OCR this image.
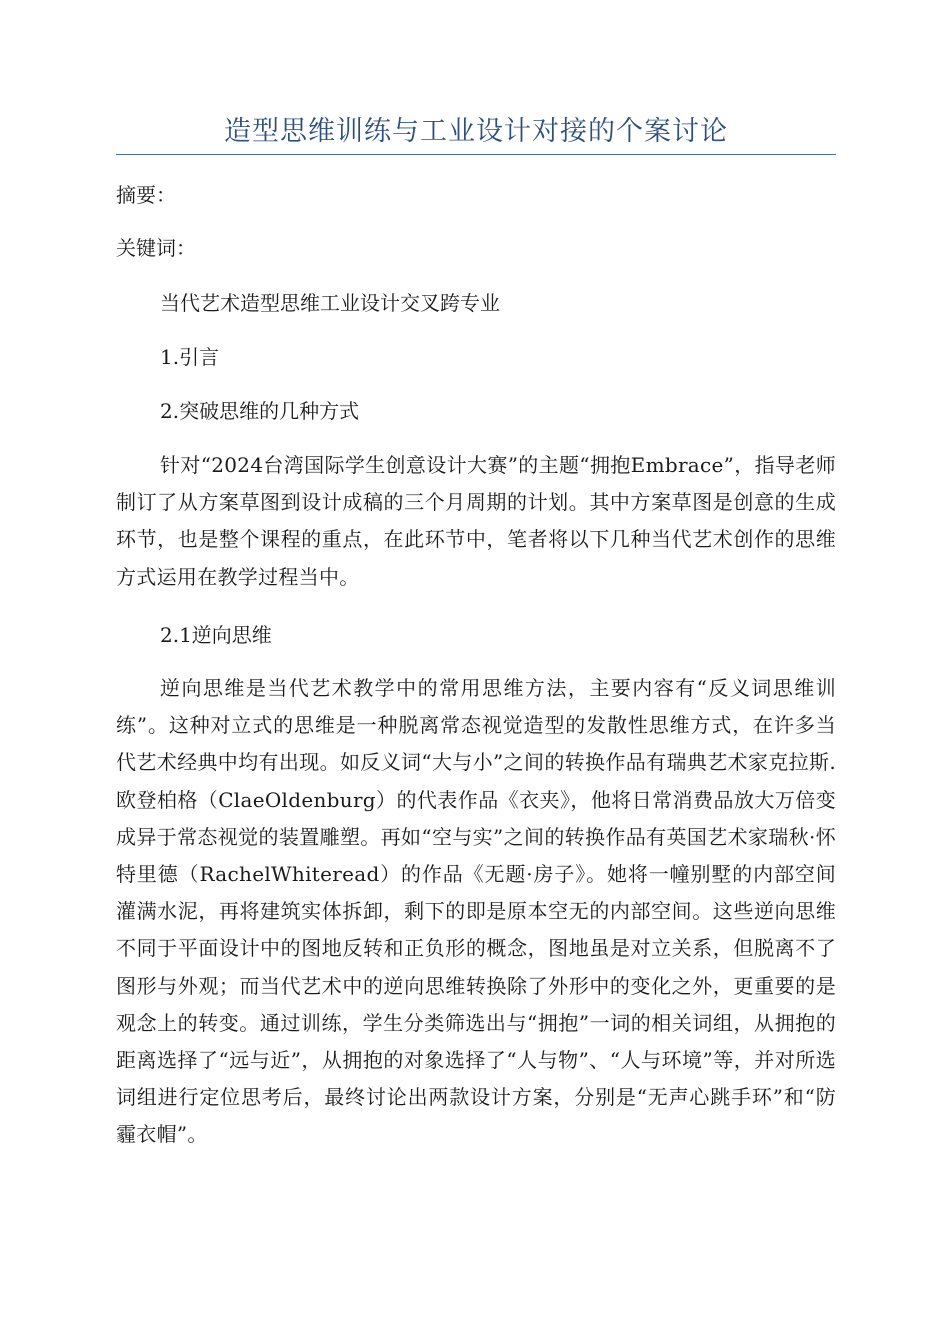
造型思维训练与工业设计对接的个案讨论

摘要：

关键词：

当代艺术造型思维工业设计交叉跨专业

1.引言

2.突破思维的几种方式

针对“2024台湾国际学生创意设计大赛”的主题“拥抱Embrace”，指导老师制订了从方案草图到设计成稿的三个月周期的计划。其中方案草图是创意的生成环节，也是整个课程的重点，在此环节中，笔者将以下几种当代艺术创作的思维方式运用在教学过程当中。

2.1逆向思维

逆向思维是当代艺术教学中的常用思维方法，主要内容有“反义词思维训练”。这种对立式的思维是一种脱离常态视觉造型的发散性思维方式，在许多当代艺术经典中均有出现。如反义词“大与小”之间的转换作品有瑞典艺术家克拉斯.欧登柏格（ClaeOldenburg）的代表作品《衣夹》，他将日常消费品放大万倍变成异于常态视觉的装置雕塑。再如“空与实”之间的转换作品有英国艺术家瑞秋·怀特里德（RachelWhiteread）的作品《无题·房子》。她将一幢别墅的内部空间灌满水泥，再将建筑实体拆卸，剩下的即是原本空无的内部空间。这些逆向思维不同于平面设计中的图地反转和正负形的概念，图地虽是对立关系，但脱离不了图形与外观；而当代艺术中的逆向思维转换除了外形中的变化之外，更重要的是观念上的转变。通过训练，学生分类筛选出与“拥抱”一词的相关词组，从拥抱的距离选择了“远与近”，从拥抱的对象选择了“人与物”、“人与环境”等，并对所选词组进行定位思考后，最终讨论出两款设计方案，分别是“无声心跳手环”和“防霾衣帽”。
